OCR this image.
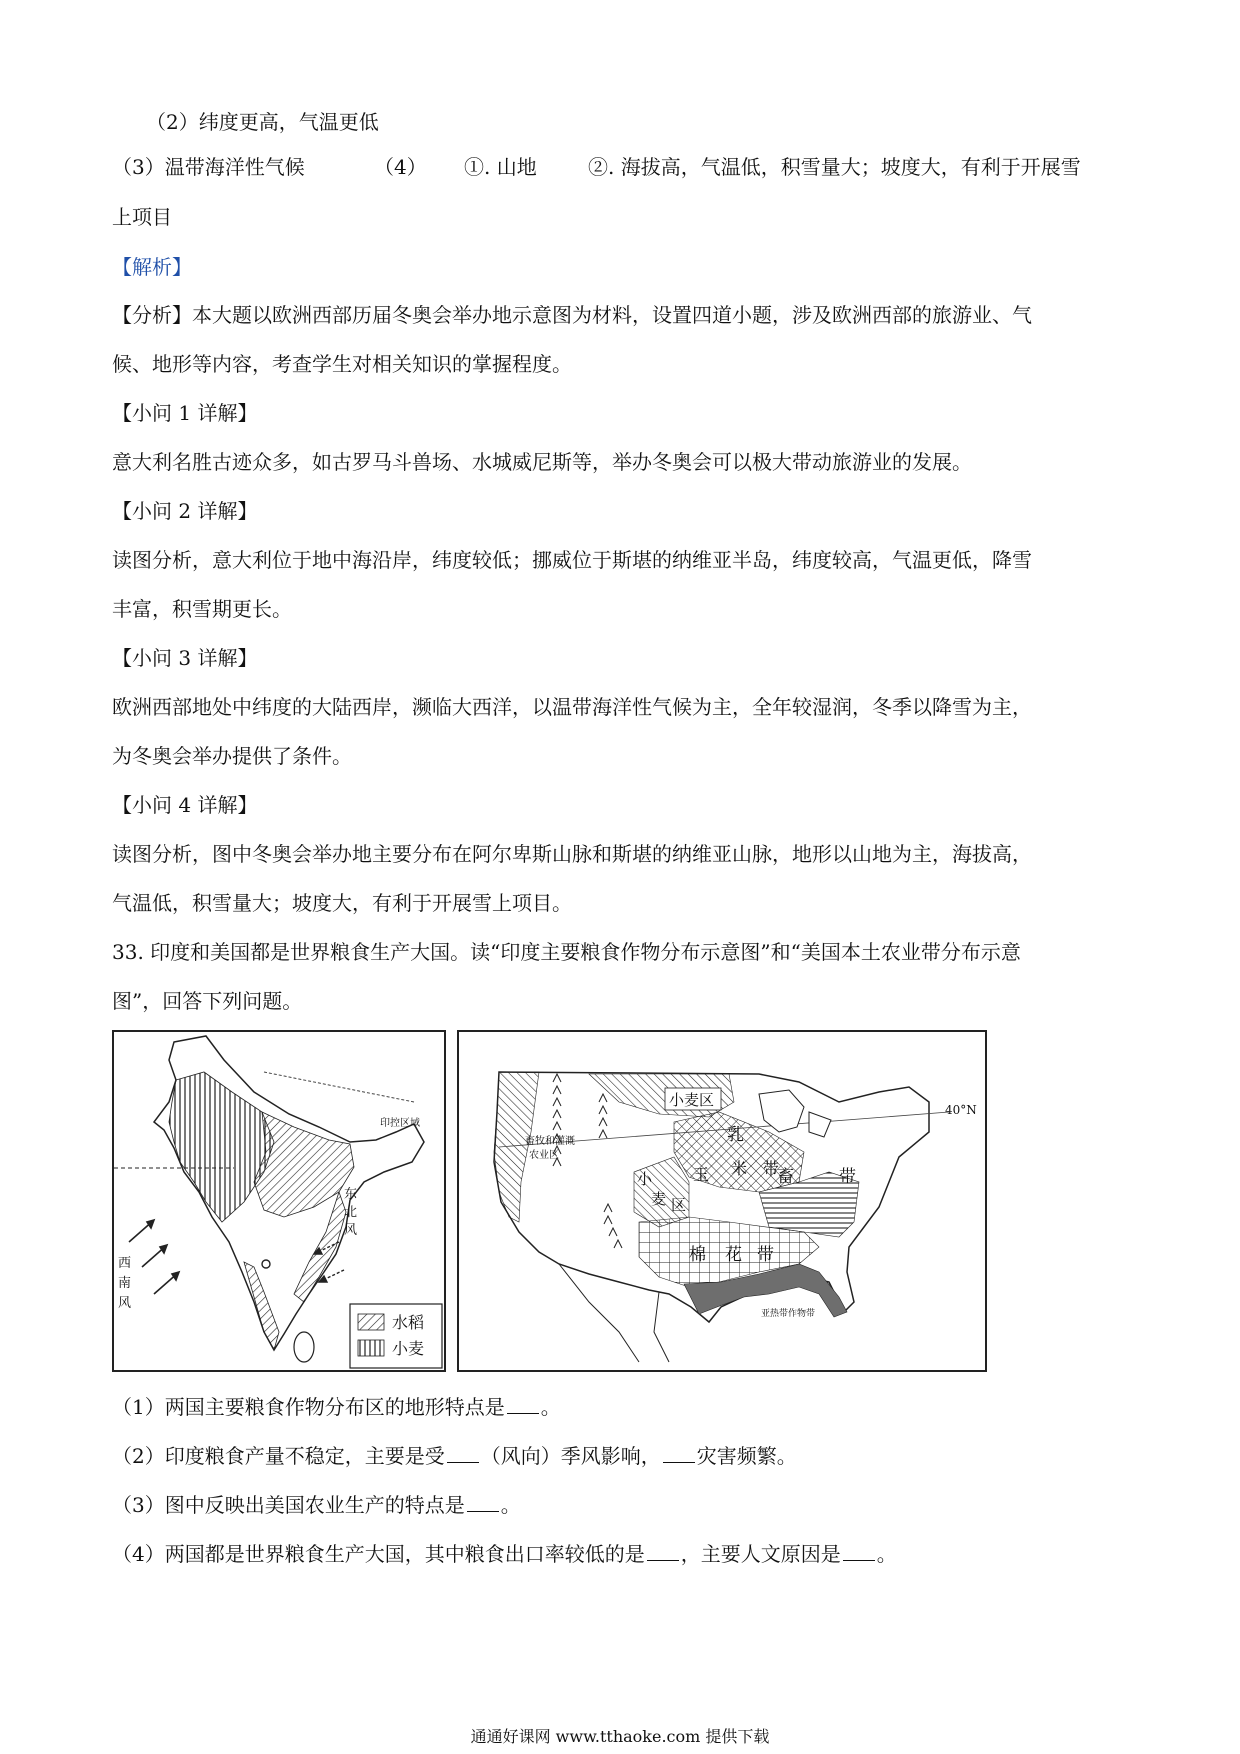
（2）纬度更高，气温更低
（3）温带海洋性气候	（4） ①. 山地	②. 海拔高，气温低，积雪量大；坡度大，有利于开展雪
上项目
【解析】
【分析】本大题以欧洲西部历届冬奥会举办地示意图为材料，设置四道小题，涉及欧洲西部的旅游业、气
候、地形等内容，考查学生对相关知识的掌握程度。
【小问 1 详解】
意大利名胜古迹众多，如古罗马斗兽场、水城威尼斯等，举办冬奥会可以极大带动旅游业的发展。
【小问 2 详解】
读图分析，意大利位于地中海沿岸，纬度较低；挪威位于斯堪的纳维亚半岛，纬度较高，气温更低，降雪
丰富，积雪期更长。
【小问 3 详解】
欧洲西部地处中纬度的大陆西岸，濒临大西洋，以温带海洋性气候为主，全年较湿润，冬季以降雪为主，
为冬奥会举办提供了条件。
【小问 4 详解】
读图分析，图中冬奥会举办地主要分布在阿尔卑斯山脉和斯堪的纳维亚山脉，地形以山地为主，海拔高，
气温低，积雪量大；坡度大，有利于开展雪上项目。
33. 印度和美国都是世界粮食生产大国。读“印度主要粮食作物分布示意图”和“美国本土农业带分布示意
图”，回答下列问题。
水稻
小麦
西
南
风
东
北
风
印控区域
小麦区
乳
畜	带
40°N
玉 米 带
小
麦 区
畜牧和灌溉
农业区
棉 花 带
亚热带作物带
（1）两国主要粮食作物分布区的地形特点是 。
（2）印度粮食产量不稳定，主要是受 （风向）季风影响， 灾害频繁。
（3）图中反映出美国农业生产的特点是 。
（4）两国都是世界粮食生产大国，其中粮食出口率较低的是 ，主要人文原因是 。
通通好课网 www.tthaoke.com 提供下载
